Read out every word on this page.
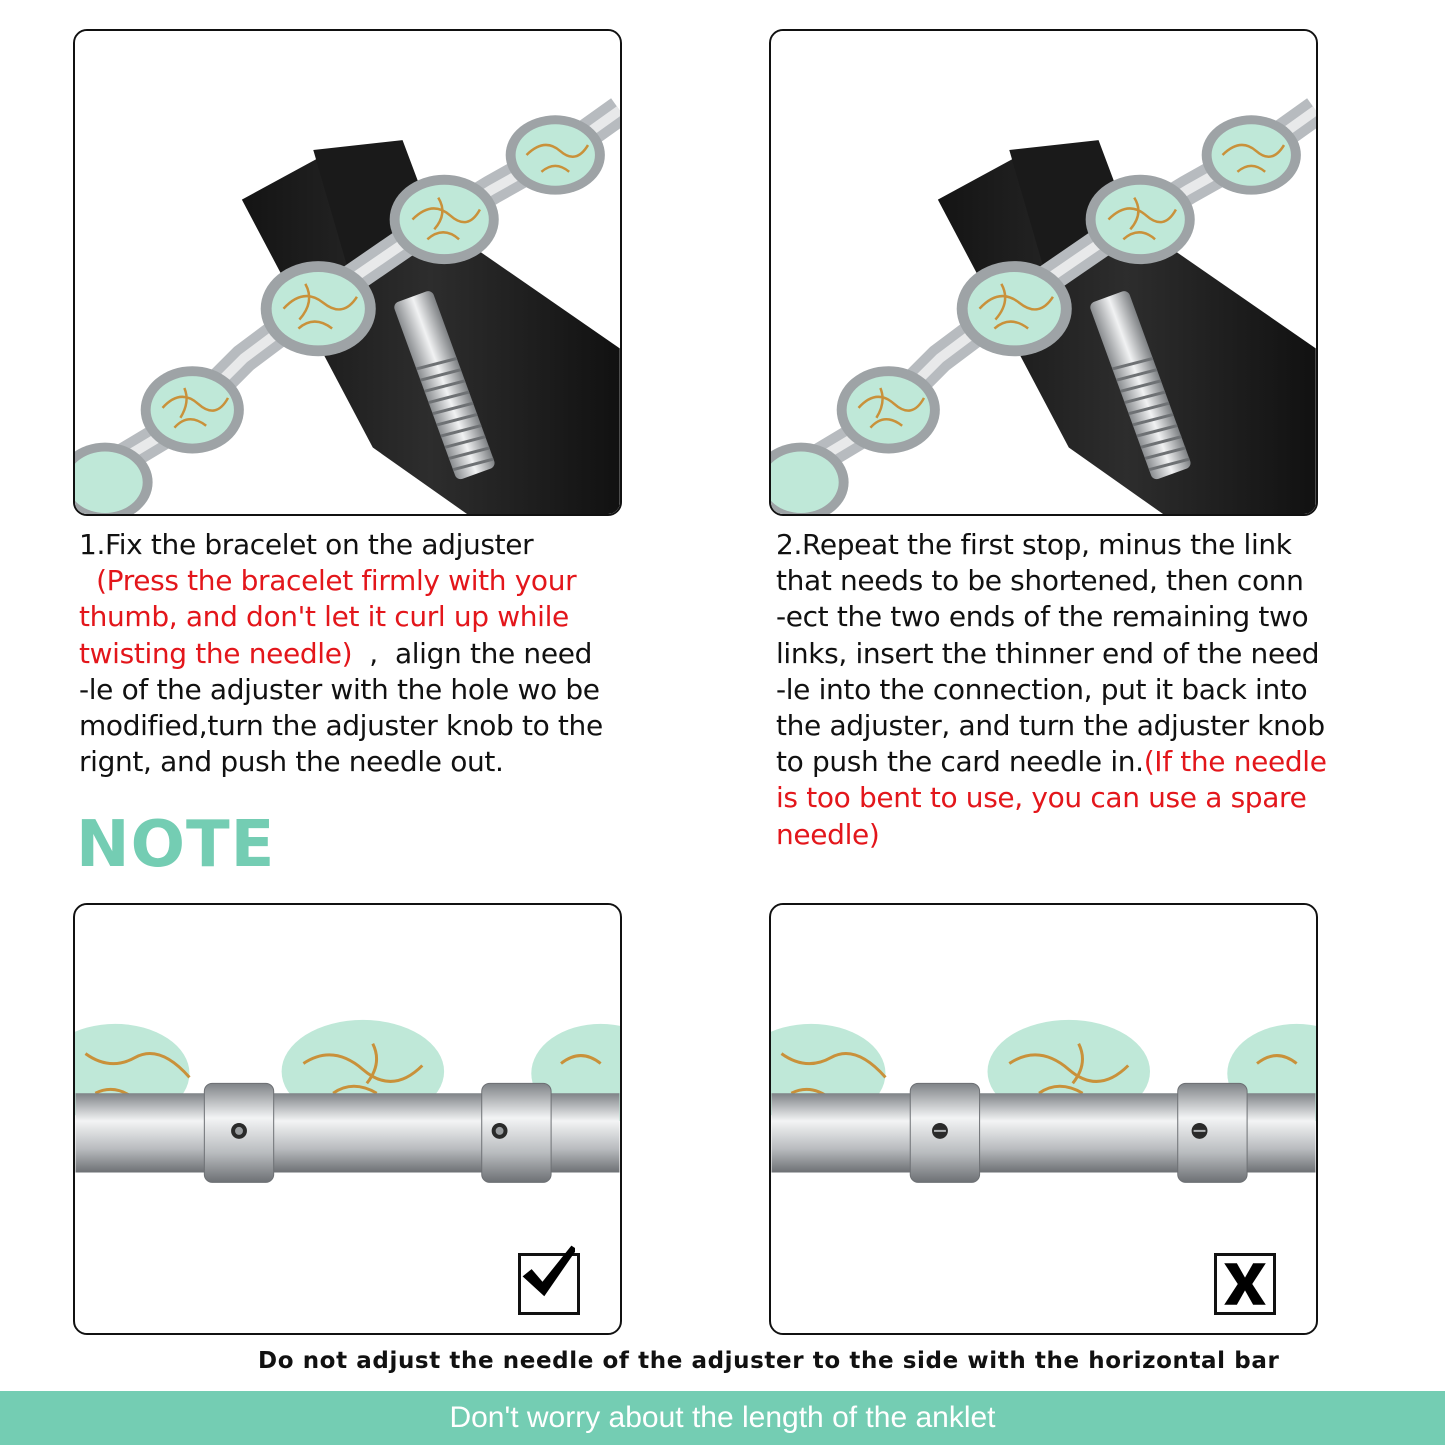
1.Fix the bracelet on the adjuster
(Press the bracelet firmly with your
thumb, and don't let it curl up while
twisting the needle)  ,  align the need
-le of the adjuster with the hole wo be
modified,turn the adjuster knob to the
rignt, and push the needle out.

2.Repeat the first stop, minus the link
that needs to be shortened, then conn
-ect the two ends of the remaining two
links, insert the thinner end of the need
-le into the connection, put it back into
the adjuster, and turn the adjuster knob
to push the card needle in.(If the needle
is too bent to use, you can use a spare
needle)

NOTE
Do not adjust the needle of the adjuster to the side with the horizontal bar
Don't worry about the length of the anklet
